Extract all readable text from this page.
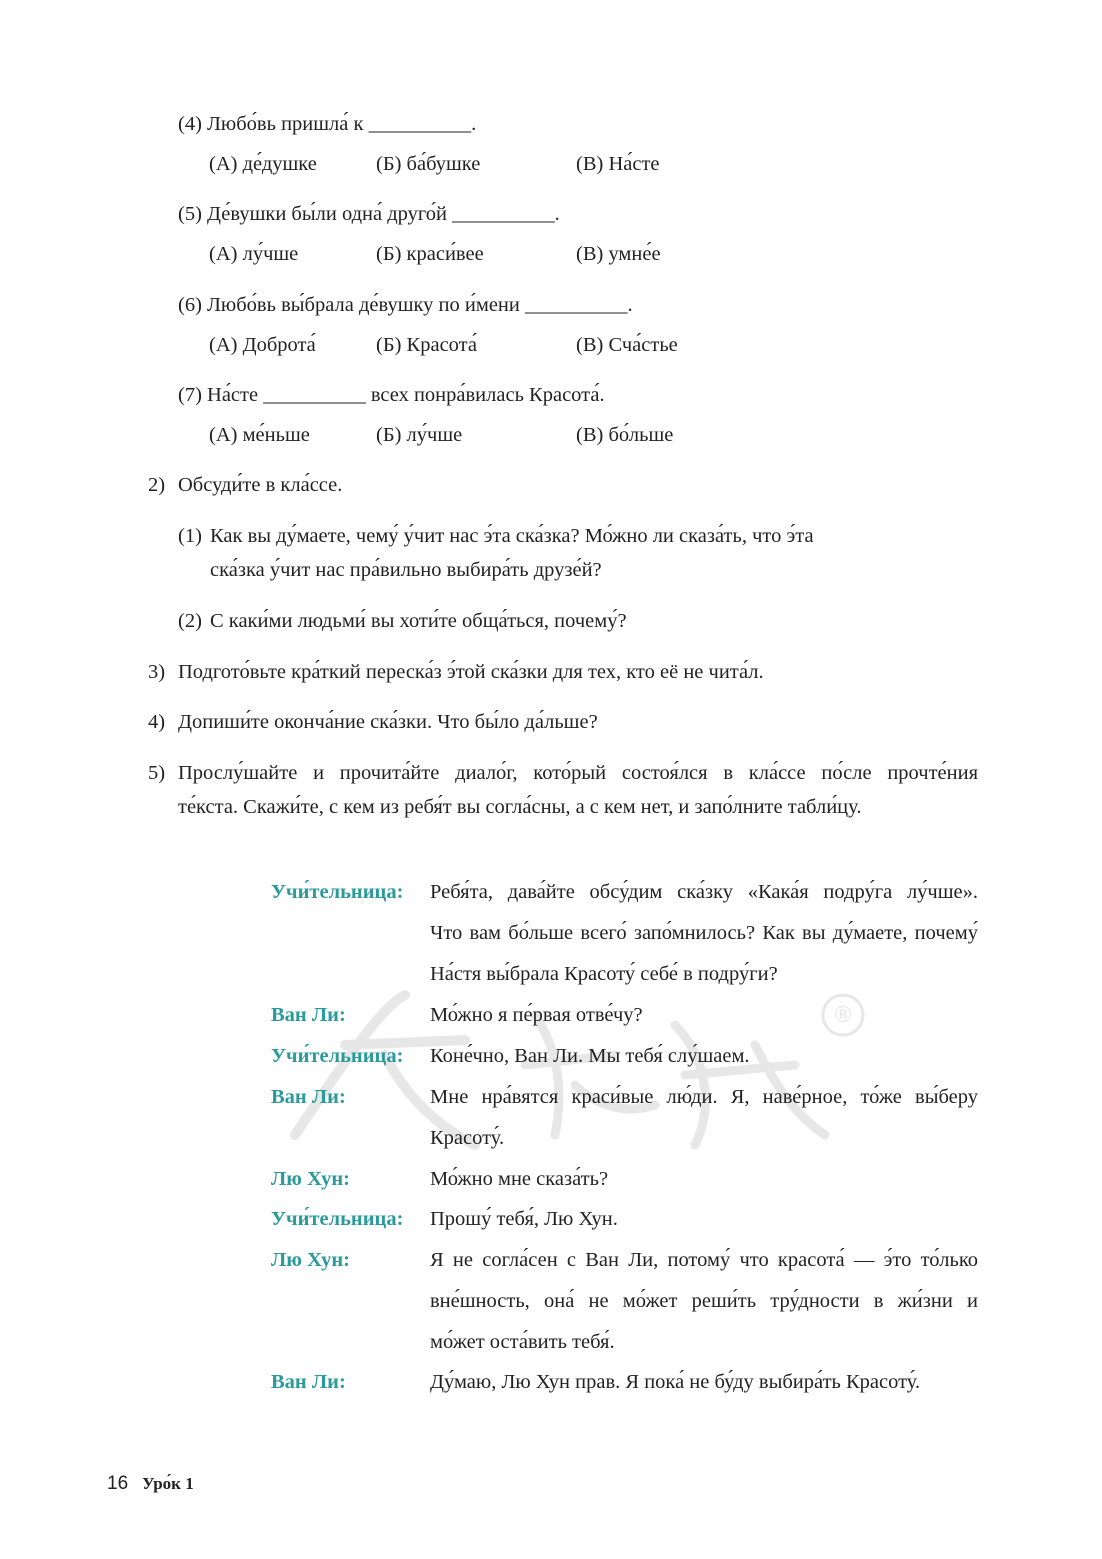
®
(4) Любо́вь пришла́ к __________.
(А) де́душке	(Б) ба́бушке	(В) На́сте
(5) Де́вушки бы́ли одна́ друго́й __________.
(А) лу́чше	(Б) краси́вее	(В) умне́е
(6) Любо́вь вы́брала де́вушку по и́мени __________.
(А) Доброта́	(Б) Красота́	(В) Сча́стье
(7) На́сте __________ всех понра́вилась Красота́.
(А) ме́ньше	(Б) лу́чше	(В) бо́льше
2) Обсуди́те в кла́ссе.
(1) Как вы ду́маете, чему́ у́чит нас э́та ска́зка? Мо́жно ли сказа́ть, что э́та
ска́зка у́чит нас пра́вильно выбира́ть друзе́й?
(2) С каки́ми людьми́ вы хоти́те обща́ться, почему́?
3) Подгото́вьте кра́ткий переска́з э́той ска́зки для тех, кто её не чита́л.
4) Допиши́те оконча́ние ска́зки. Что бы́ло да́льше?
5) Прослу́шайте и прочита́йте диало́г, кото́рый состоя́лся в кла́ссе по́сле прочте́ния
те́кста. Скажи́те, с кем из ребя́т вы согла́сны, а с кем нет, и запо́лните табли́цу.
Учи́тельница: Ребя́та, дава́йте обсу́дим ска́зку «Кака́я подру́га лу́чше».
Что вам бо́льше всего́ запо́мнилось? Как вы ду́маете, почему́
На́стя вы́брала Красоту́ себе́ в подру́ги?
Ван Ли:	Мо́жно я пе́рвая отве́чу?
Учи́тельница: Коне́чно, Ван Ли. Мы тебя́ слу́шаем.
Ван Ли:	Мне нра́вятся краси́вые лю́ди. Я, наве́рное, то́же вы́беру
Красоту́.
Лю Хун:	Мо́жно мне сказа́ть?
Учи́тельница: Прошу́ тебя́, Лю Хун.
Лю Хун:	Я не согла́сен с Ван Ли, потому́ что красота́ — э́то то́лько
вне́шность, она́ не мо́жет реши́ть тру́дности в жи́зни и
мо́жет оста́вить тебя́.
Ван Ли:	Ду́маю, Лю Хун прав. Я пока́ не бу́ду выбира́ть Красоту́.
16 Уро́к 1
